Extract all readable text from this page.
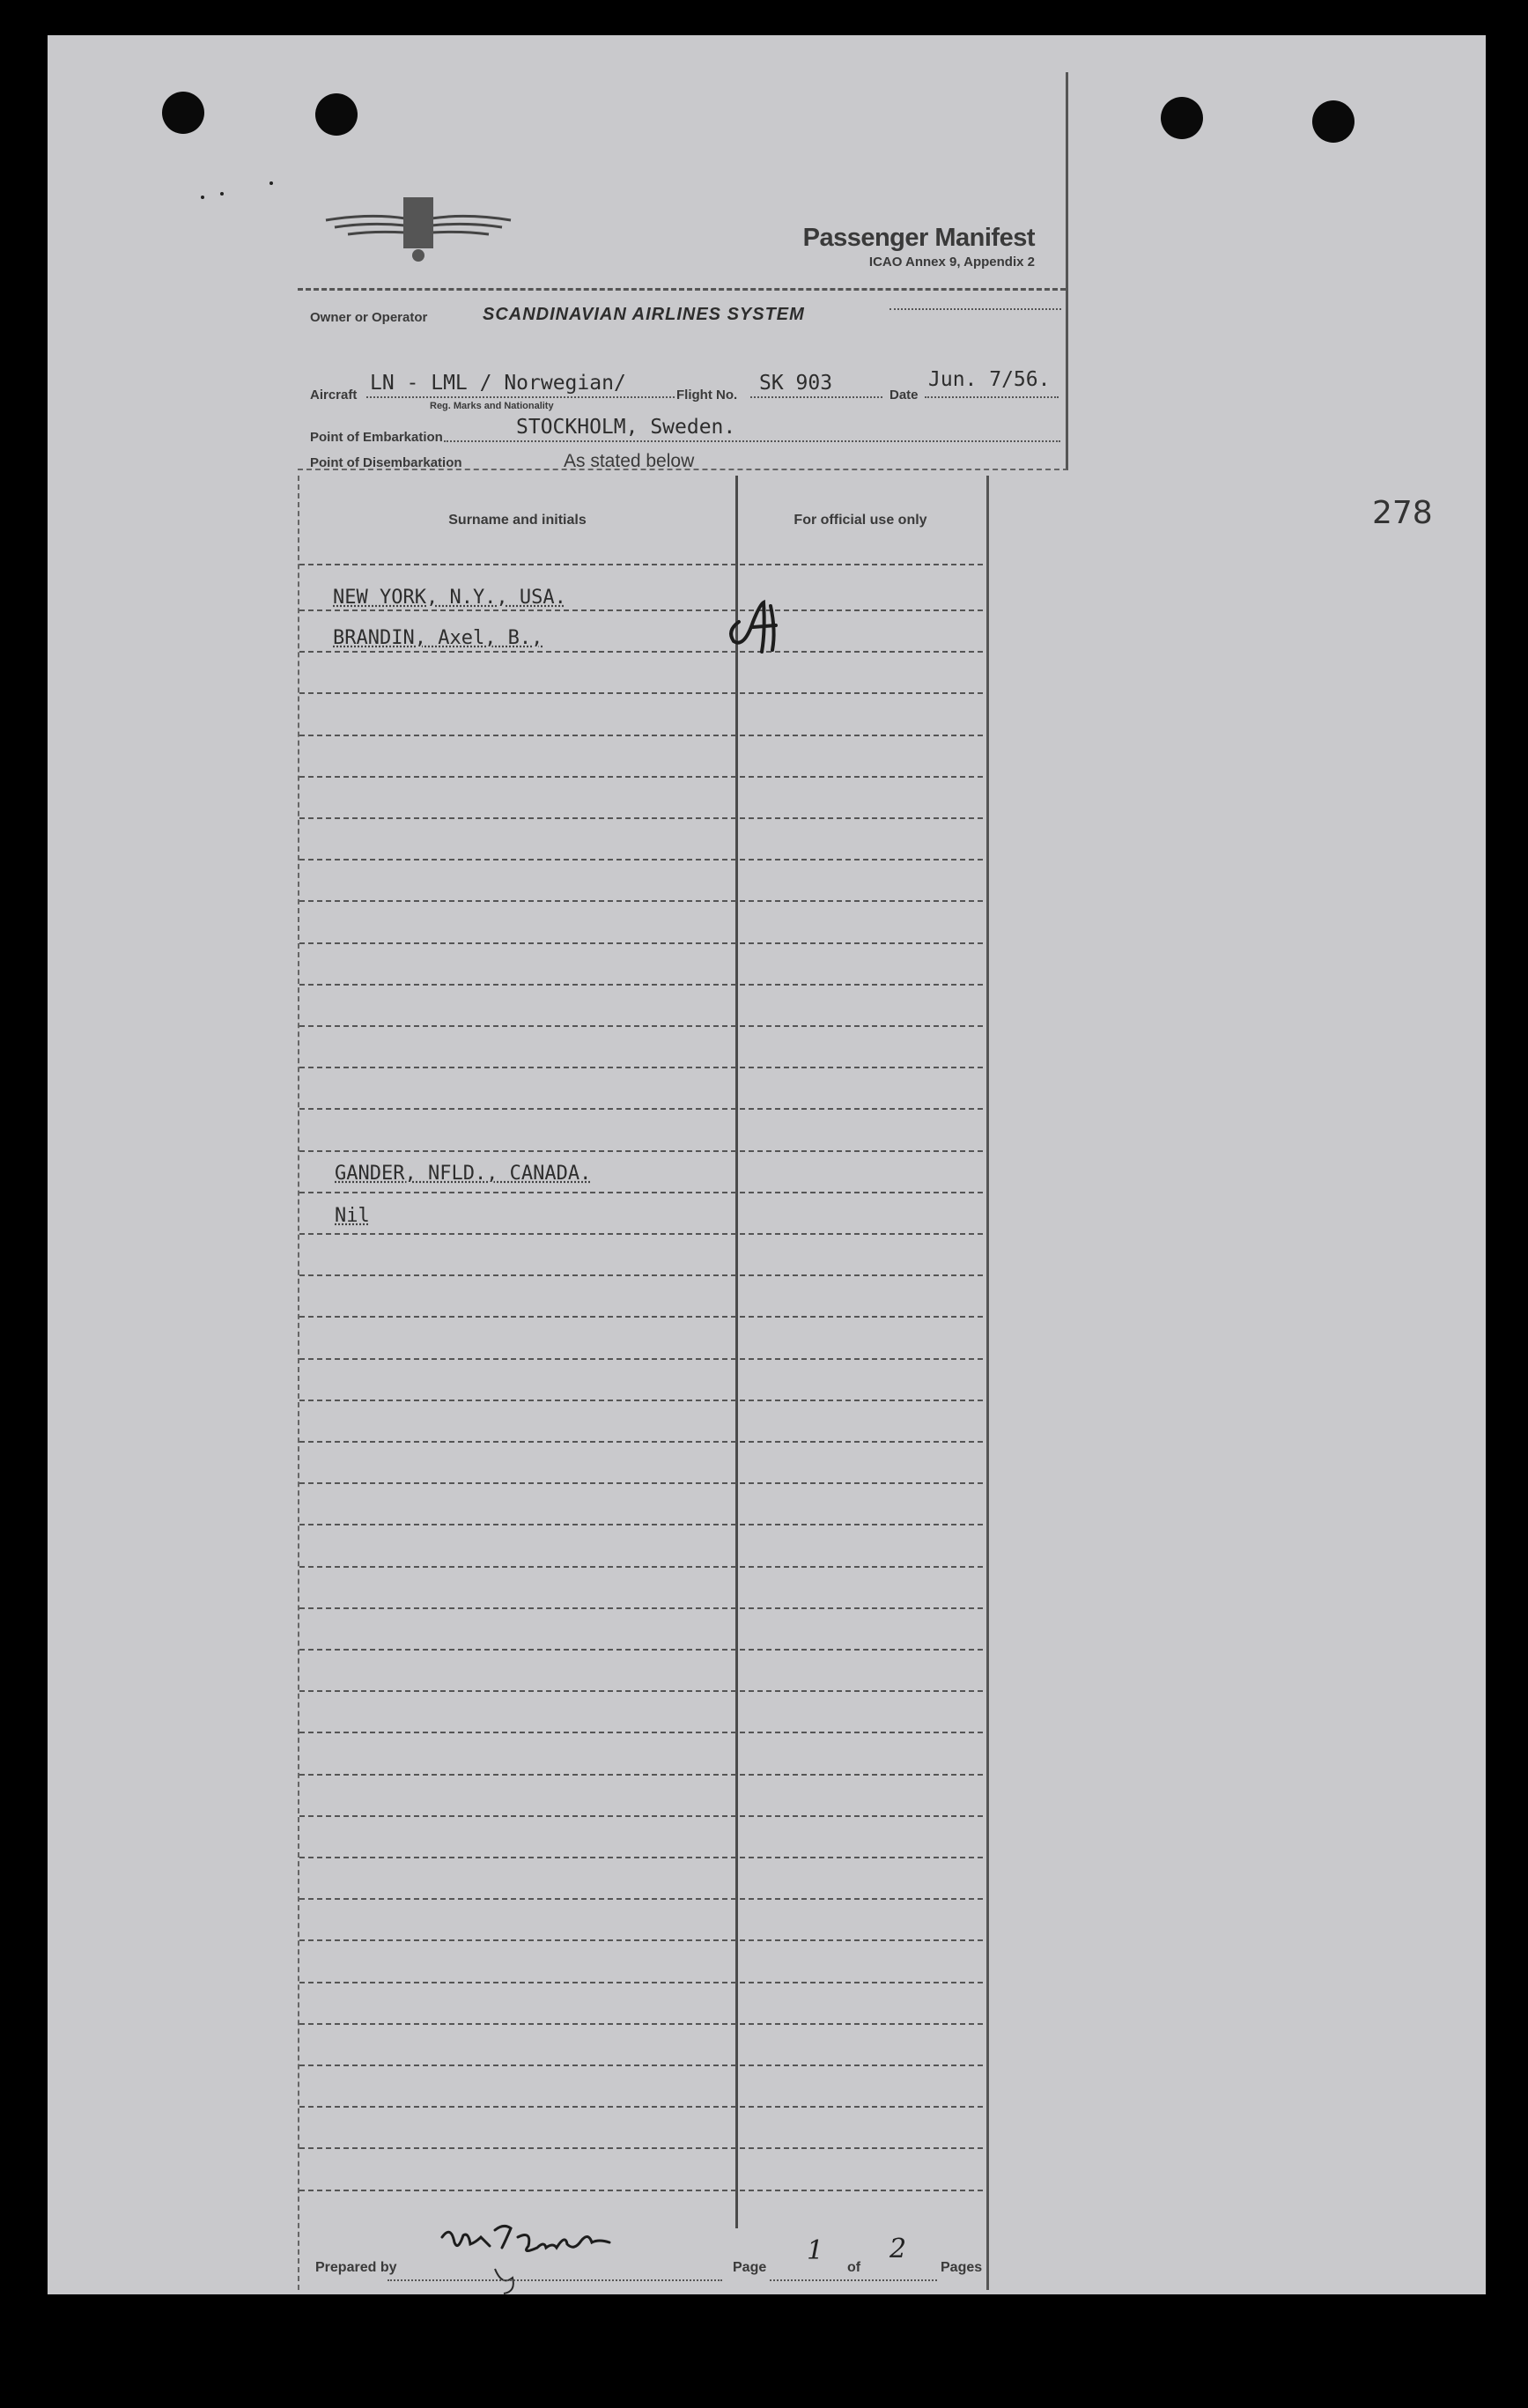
278
Passenger Manifest
ICAO Annex 9, Appendix 2
Owner or Operator	SCANDINAVIAN AIRLINES SYSTEM
Aircraft
LN - LML / Norwegian/
Reg. Marks and Nationality
Flight No.
SK 903
Date
Jun. 7/56.
Point of Embarkation	STOCKHOLM, Sweden.
Point of Disembarkation	As stated below
Surname and initials	For official use only
NEW YORK, N.Y., USA.
BRANDIN, Axel, B.,
GANDER, NFLD., CANADA.
Nil
Prepared by	Page
1
of
2
Pages
